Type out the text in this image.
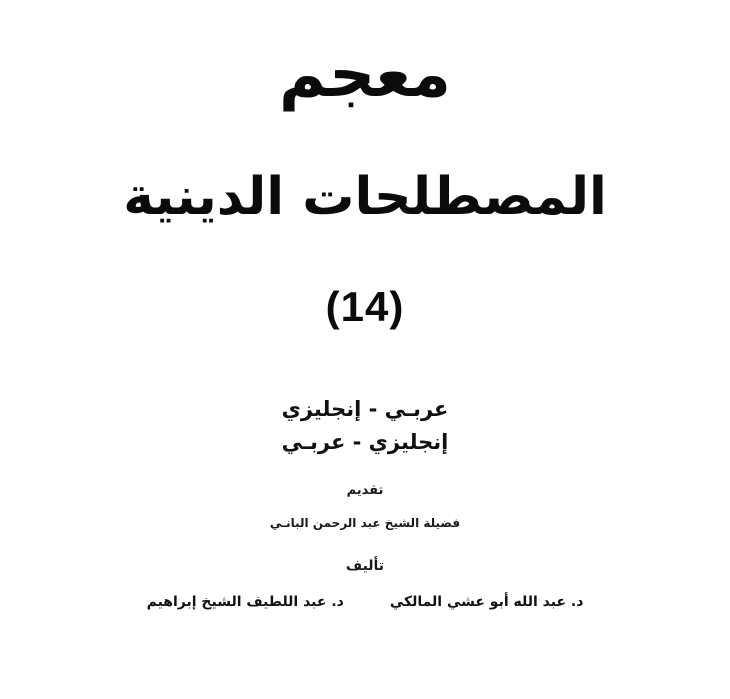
معجم
المصطلحات الدينية
(14)
عربـي - إنجليزي
إنجليزي - عربـي
تقديم
فضيلة الشيخ عبد الرحمن البانـي
تأليف
د. عبد الله أبو عشي المالكي
د. عبد اللطيف الشيخ إبراهيم
